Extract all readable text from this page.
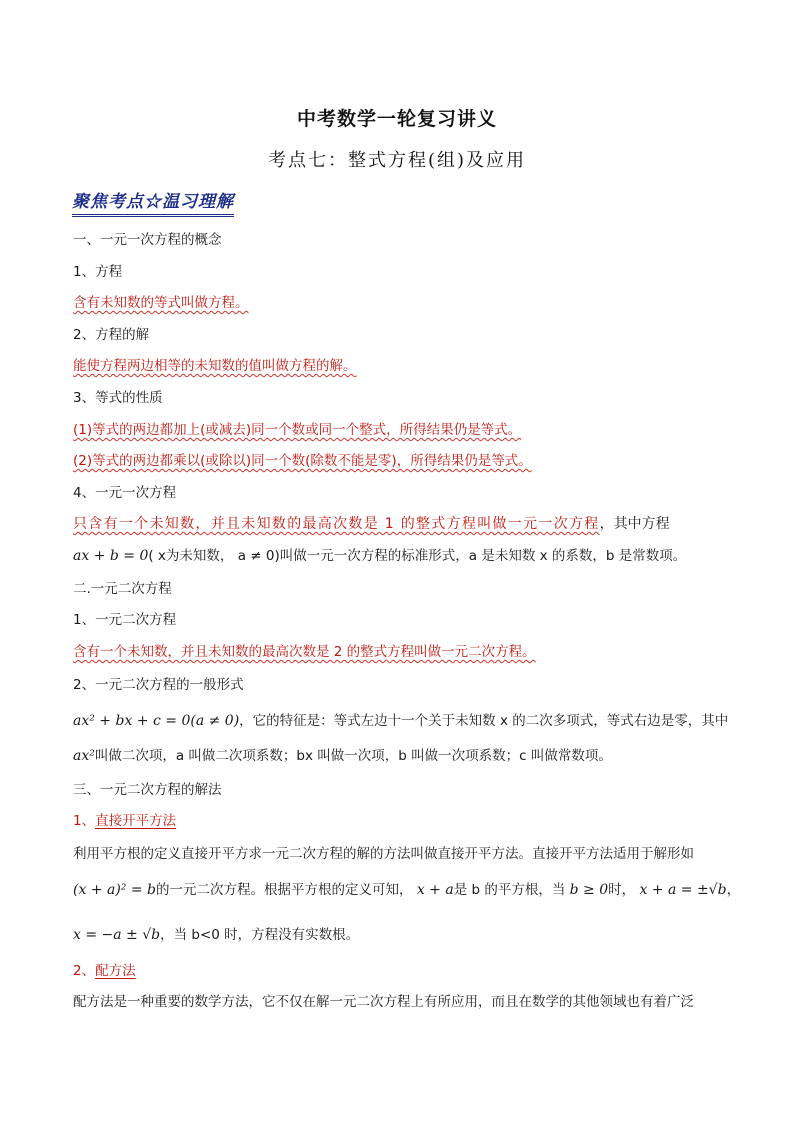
中考数学一轮复习讲义
考点七：整式方程(组)及应用
聚焦考点☆温习理解
一、一元一次方程的概念
1、方程
含有未知数的等式叫做方程。
2、方程的解
能使方程两边相等的未知数的值叫做方程的解。
3、等式的性质
(1)等式的两边都加上(或减去)同一个数或同一个整式，所得结果仍是等式。
(2)等式的两边都乘以(或除以)同一个数(除数不能是零)，所得结果仍是等式。
4、一元一次方程
只含有一个未知数，并且未知数的最高次数是 1 的整式方程叫做一元一次方程，其中方程
ax + b = 0( x为未知数， a ≠ 0)叫做一元一次方程的标准形式，a 是未知数 x 的系数，b 是常数项。
二.一元二次方程
1、一元二次方程
含有一个未知数，并且未知数的最高次数是 2 的整式方程叫做一元二次方程。
2、一元二次方程的一般形式
ax² + bx + c = 0(a ≠ 0)，它的特征是：等式左边十一个关于未知数 x 的二次多项式，等式右边是零，其中
ax²叫做二次项，a 叫做二次项系数；bx 叫做一次项，b 叫做一次项系数；c 叫做常数项。
三、一元二次方程的解法
1、直接开平方法
利用平方根的定义直接开平方求一元二次方程的解的方法叫做直接开平方法。直接开平方法适用于解形如
(x + a)² = b的一元二次方程。根据平方根的定义可知， x + a是 b 的平方根，当 b ≥ 0时， x + a = ±√b，
x = −a ± √b，当 b<0 时，方程没有实数根。
2、配方法
配方法是一种重要的数学方法，它不仅在解一元二次方程上有所应用，而且在数学的其他领域也有着广泛
